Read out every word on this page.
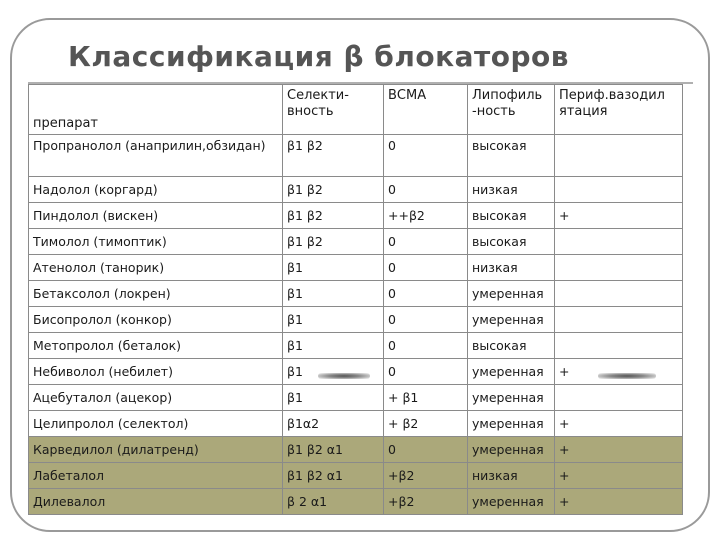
Классификация β блокаторов
препарат	Селекти-вность	ВСМА	Липофиль -ность	Периф.вазодил ятация
Пропранолол (анаприлин,обзидан)	β1 β2	0	высокая	
Надолол (коргард)	β1 β2	0	низкая	
Пиндолол (вискен)	β1 β2	++β2	высокая	+
Тимолол (тимоптик)	β1 β2	0	высокая	
Атенолол (танорик)	β1	0	низкая	
Бетаксолол (локрен)	β1	0	умеренная	
Бисопролол (конкор)	β1	0	умеренная	
Метопролол (беталок)	β1	0	высокая	
Небиволол (небилет)	β1	0	умеренная	+
Ацебуталол (ацекор)	β1	+ β1	умеренная	
Целипролол (селектол)	β1α2	+ β2	умеренная	+
Карведилол (дилатренд)	β1 β2 α1	0	умеренная	+
Лабеталол	β1 β2 α1	+β2	низкая	+
Дилевалол	β 2 α1	+β2	умеренная	+
